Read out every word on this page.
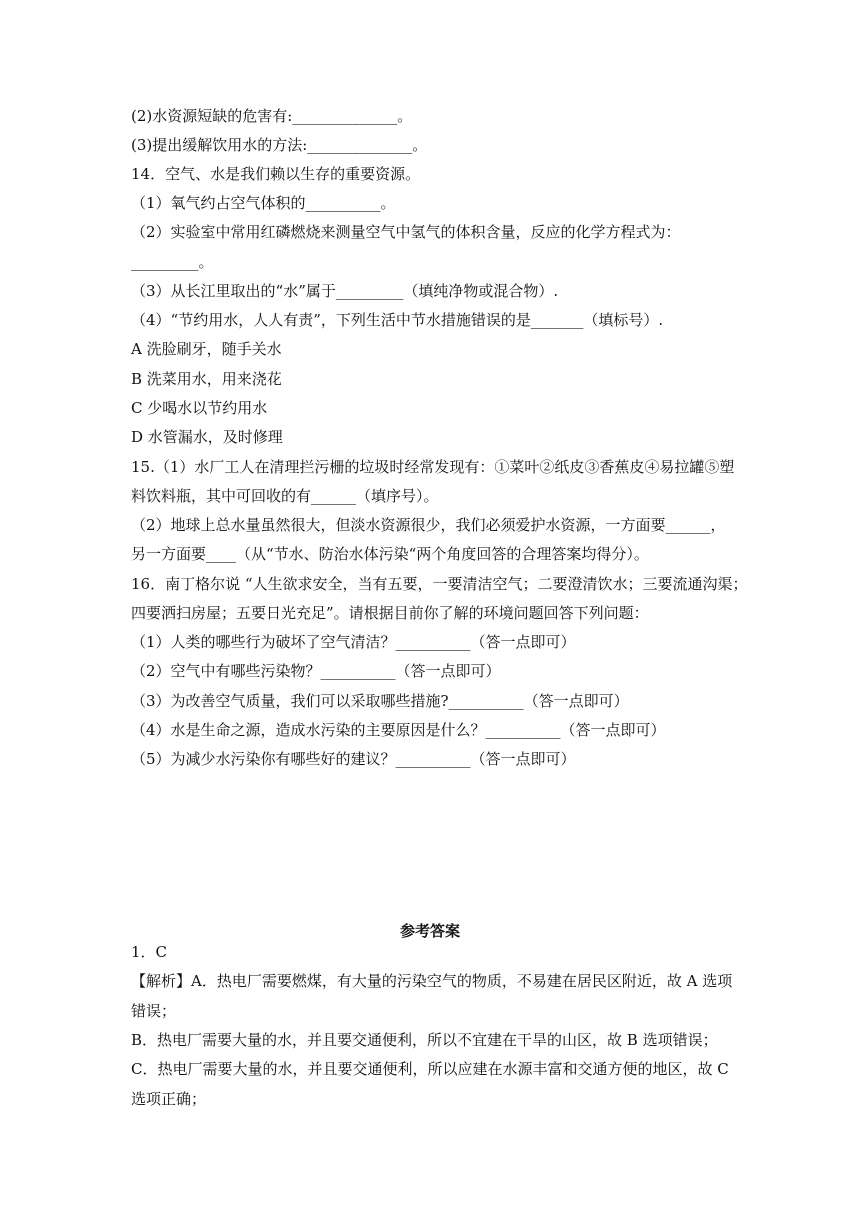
(2)水资源短缺的危害有:______________。
(3)提出缓解饮用水的方法:______________。
14．空气、水是我们赖以生存的重要资源。
（1）氧气约占空气体积的__________。
（2）实验室中常用红磷燃烧来测量空气中氢气的体积含量，反应的化学方程式为：
_________。
（3）从长江里取出的“水”属于_________（填纯净物或混合物）.
（4）“节约用水，人人有责”，下列生活中节水措施错误的是_______（填标号）.
A 洗脸刷牙，随手关水
B 洗菜用水，用来浇花
C 少喝水以节约用水
D 水管漏水，及时修理
15.（1）水厂工人在清理拦污栅的垃圾时经常发现有：①菜叶②纸皮③香蕉皮④易拉罐⑤塑
料饮料瓶，其中可回收的有______（填序号）。
（2）地球上总水量虽然很大，但淡水资源很少，我们必须爱护水资源，一方面要______，
另一方面要____（从“节水、防治水体污染“两个角度回答的合理答案均得分）。
16．南丁格尔说 “人生欲求安全，当有五要，一要清洁空气；二要澄清饮水；三要流通沟渠；
四要洒扫房屋；五要日光充足”。请根据目前你了解的环境问题回答下列问题：
（1）人类的哪些行为破坏了空气清洁？__________（答一点即可）
（2）空气中有哪些污染物？__________（答一点即可）
（3）为改善空气质量，我们可以采取哪些措施?__________（答一点即可）
（4）水是生命之源，造成水污染的主要原因是什么？__________（答一点即可）
（5）为减少水污染你有哪些好的建议？__________（答一点即可）
参考答案
1．C
【解析】A．热电厂需要燃煤，有大量的污染空气的物质，不易建在居民区附近，故 A 选项
错误；
B．热电厂需要大量的水，并且要交通便利，所以不宜建在干旱的山区，故 B 选项错误；
C．热电厂需要大量的水，并且要交通便利，所以应建在水源丰富和交通方便的地区，故 C
选项正确；
